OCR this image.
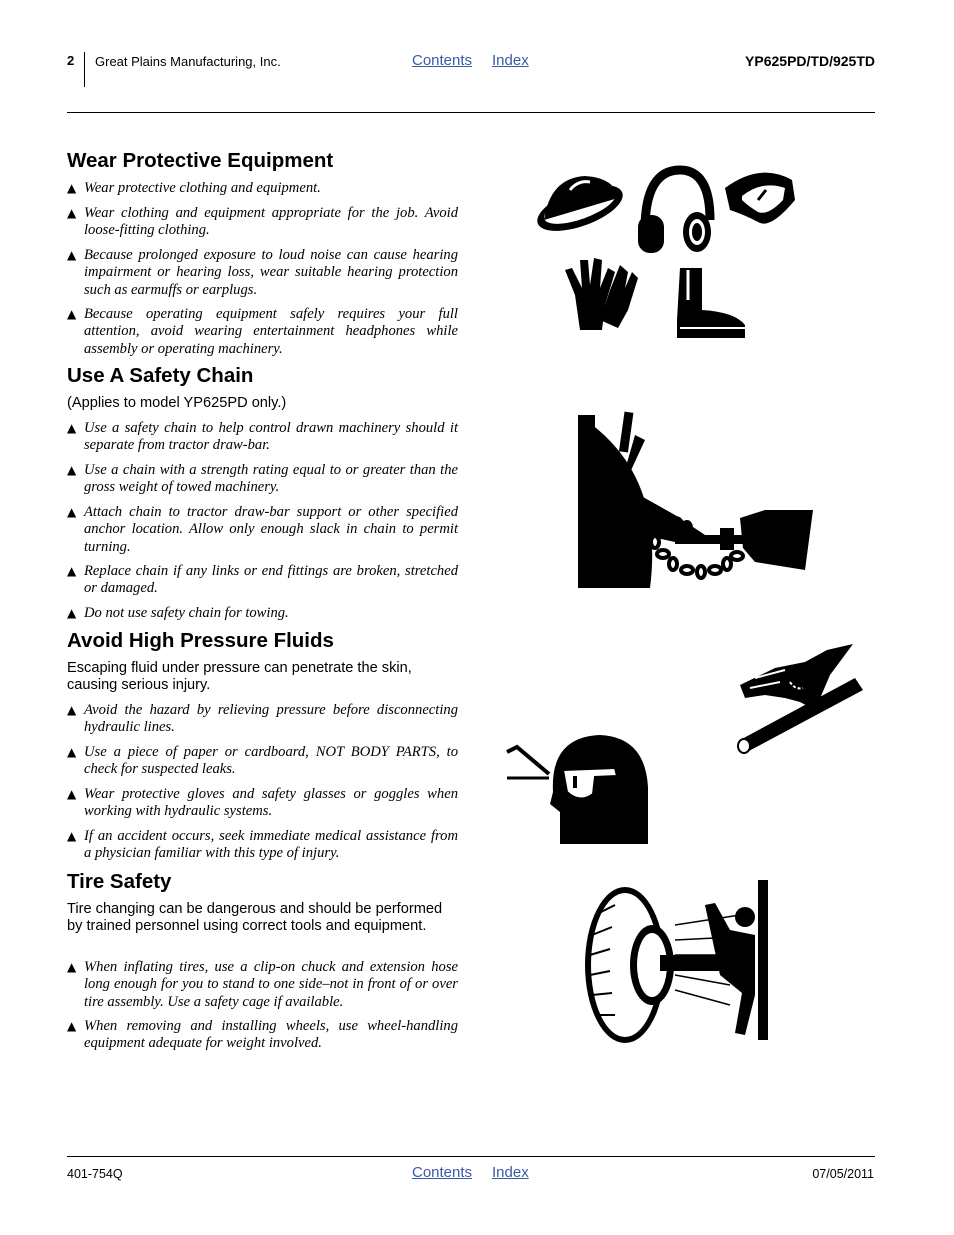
2 Great Plains Manufacturing, Inc.	Contents Index	YP625PD/TD/925TD
Wear Protective Equipment
▲ Wear protective clothing and equipment.
▲ Wear clothing and equipment appropriate for the job. Avoid loose-fitting clothing.
▲ Because prolonged exposure to loud noise can cause hearing impairment or hearing loss, wear suitable hearing protection such as earmuffs or earplugs.
▲ Because operating equipment safely requires your full attention, avoid wearing entertainment headphones while assembly or operating machinery.
Use A Safety Chain

(Applies to model YP625PD only.)

▲ Use a safety chain to help control drawn machinery should it separate from tractor draw-bar.
▲ Use a chain with a strength rating equal to or greater than the gross weight of towed machinery.
▲ Attach chain to tractor draw-bar support or other specified anchor location. Allow only enough slack in chain to permit turning.
▲ Replace chain if any links or end fittings are broken, stretched or damaged.
▲ Do not use safety chain for towing.
Avoid High Pressure Fluids

Escaping fluid under pressure can penetrate the skin, causing serious injury.

▲ Avoid the hazard by relieving pressure before disconnecting hydraulic lines.
▲ Use a piece of paper or cardboard, NOT BODY PARTS, to check for suspected leaks.
▲ Wear protective gloves and safety glasses or goggles when working with hydraulic systems.
▲ If an accident occurs, seek immediate medical assistance from a physician familiar with this type of injury.
Tire Safety

Tire changing can be dangerous and should be performed by trained personnel using correct tools and equipment.

▲ When inflating tires, use a clip-on chuck and extension hose long enough for you to stand to one side–not in front of or over tire assembly. Use a safety cage if available.
▲ When removing and installing wheels, use wheel-handling equipment adequate for weight involved.
401-754Q	Contents Index	07/05/2011
